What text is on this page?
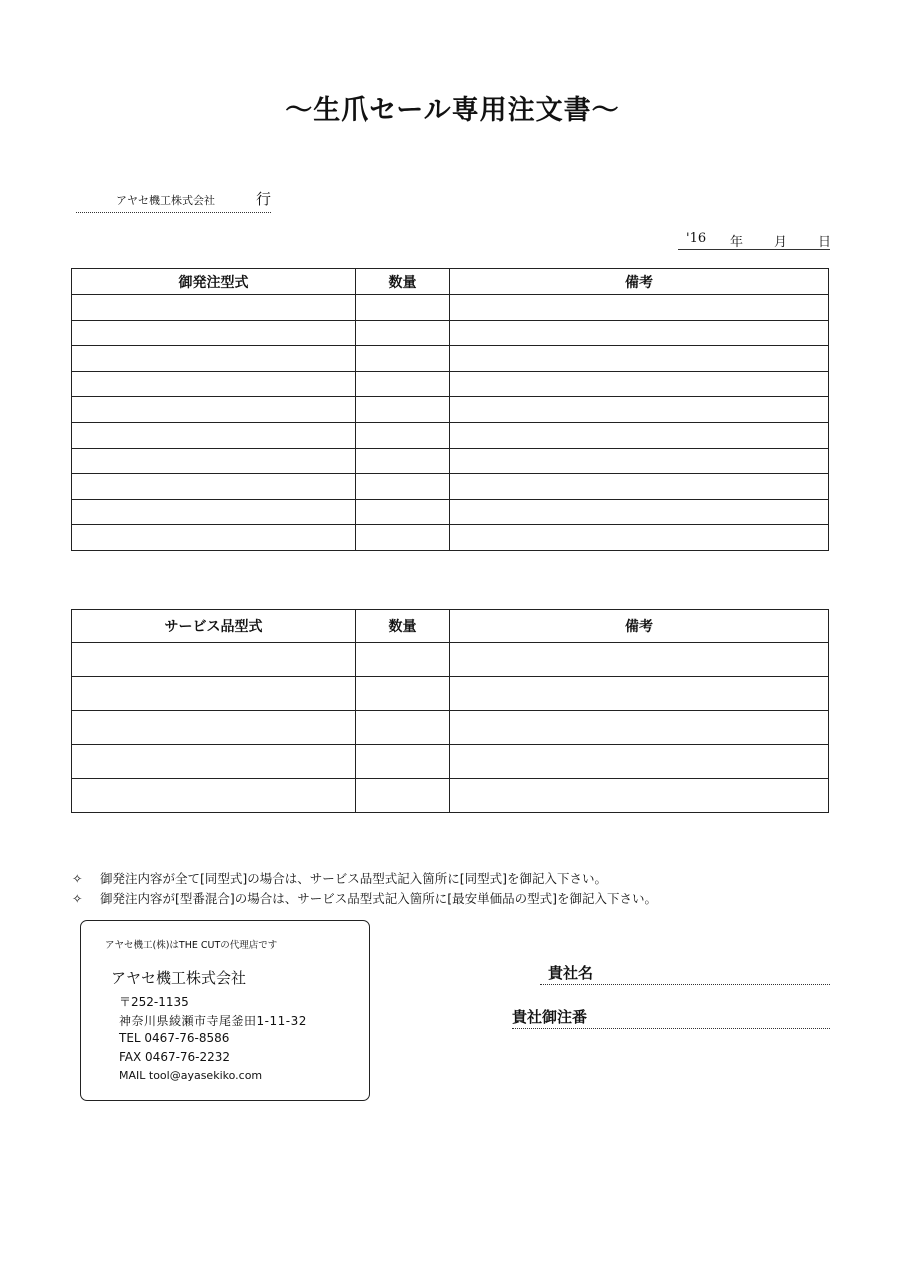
～生爪セール専用注文書～
アヤセ機工株式会社	行
'16 年 月 日
御発注型式	数量	備考

サービス品型式	数量	備考

✧ 御発注内容が全て[同型式]の場合は、サービス品型式記入箇所に[同型式]を御記入下さい。
✧ 御発注内容が[型番混合]の場合は、サービス品型式記入箇所に[最安単価品の型式]を御記入下さい。
アヤセ機工(株)はTHE CUTの代理店です
アヤセ機工株式会社
〒252-1135
神奈川県綾瀬市寺尾釜田1-11-32
TEL 0467-76-8586
FAX 0467-76-2232
MAIL tool@ayasekiko.com
貴社名
貴社御注番
